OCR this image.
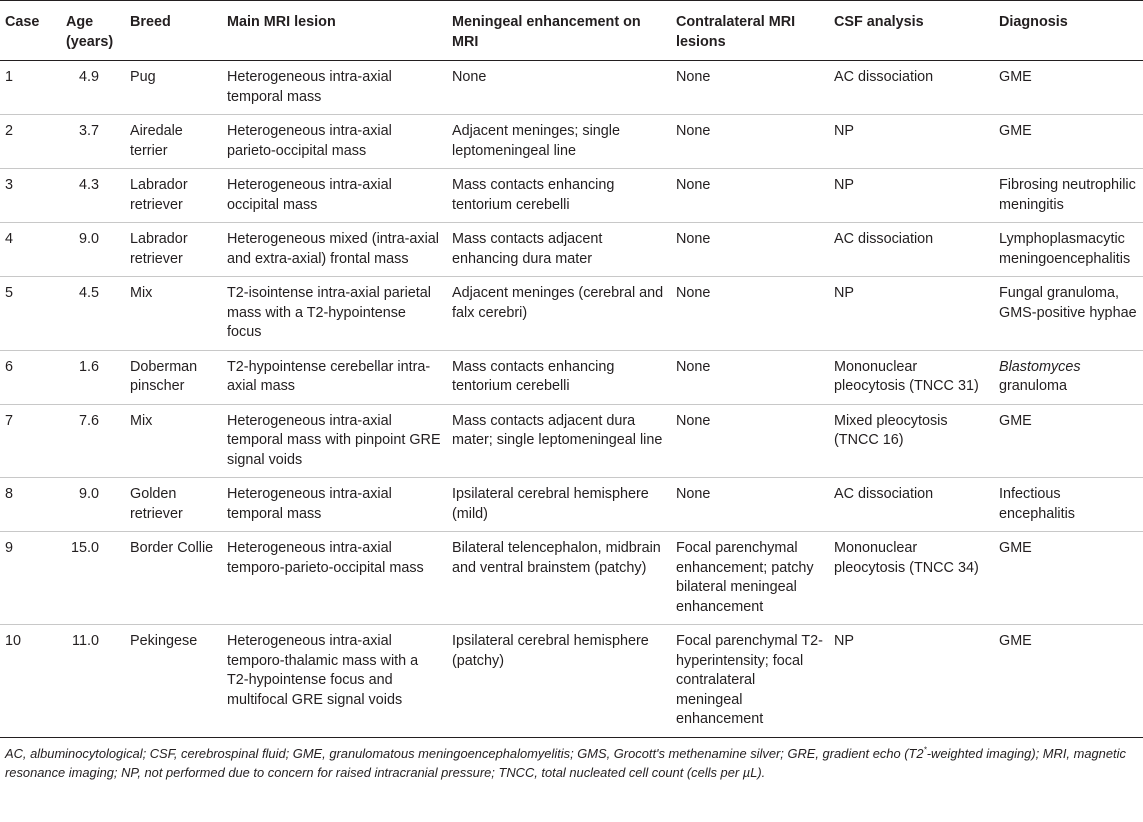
Case	Age (years)	Breed	Main MRI lesion	Meningeal enhancement on MRI	Contralateral MRI lesions	CSF analysis	Diagnosis
1	4.9	Pug	Heterogeneous intra-axial temporal mass	None	None	AC dissociation	GME
2	3.7	Airedale terrier	Heterogeneous intra-axial parieto-occipital mass	Adjacent meninges; single leptomeningeal line	None	NP	GME
3	4.3	Labrador retriever	Heterogeneous intra-axial occipital mass	Mass contacts enhancing tentorium cerebelli	None	NP	Fibrosing neutrophilic meningitis
4	9.0	Labrador retriever	Heterogeneous mixed (intra-axial and extra-axial) frontal mass	Mass contacts adjacent enhancing dura mater	None	AC dissociation	Lymphoplasmacytic meningoencephalitis
5	4.5	Mix	T2-isointense intra-axial parietal mass with a T2-hypointense focus	Adjacent meninges (cerebral and falx cerebri)	None	NP	Fungal granuloma, GMS-positive hyphae
6	1.6	Doberman pinscher	T2-hypointense cerebellar intra-axial mass	Mass contacts enhancing tentorium cerebelli	None	Mononuclear pleocytosis (TNCC 31)	Blastomyces granuloma
7	7.6	Mix	Heterogeneous intra-axial temporal mass with pinpoint GRE signal voids	Mass contacts adjacent dura mater; single leptomeningeal line	None	Mixed pleocytosis (TNCC 16)	GME
8	9.0	Golden retriever	Heterogeneous intra-axial temporal mass	Ipsilateral cerebral hemisphere (mild)	None	AC dissociation	Infectious encephalitis
9	15.0	Border Collie	Heterogeneous intra-axial temporo-parieto-occipital mass	Bilateral telencephalon, midbrain and ventral brainstem (patchy)	Focal parenchymal enhancement; patchy bilateral meningeal enhancement	Mononuclear pleocytosis (TNCC 34)	GME
10	11.0	Pekingese	Heterogeneous intra-axial temporo-thalamic mass with a T2-hypointense focus and multifocal GRE signal voids	Ipsilateral cerebral hemisphere (patchy)	Focal parenchymal T2-hyperintensity; focal contralateral meningeal enhancement	NP	GME

AC, albuminocytological; CSF, cerebrospinal fluid; GME, granulomatous meningoencephalomyelitis; GMS, Grocott's methenamine silver; GRE, gradient echo (T2*-weighted imaging); MRI, magnetic resonance imaging; NP, not performed due to concern for raised intracranial pressure; TNCC, total nucleated cell count (cells per µL).
